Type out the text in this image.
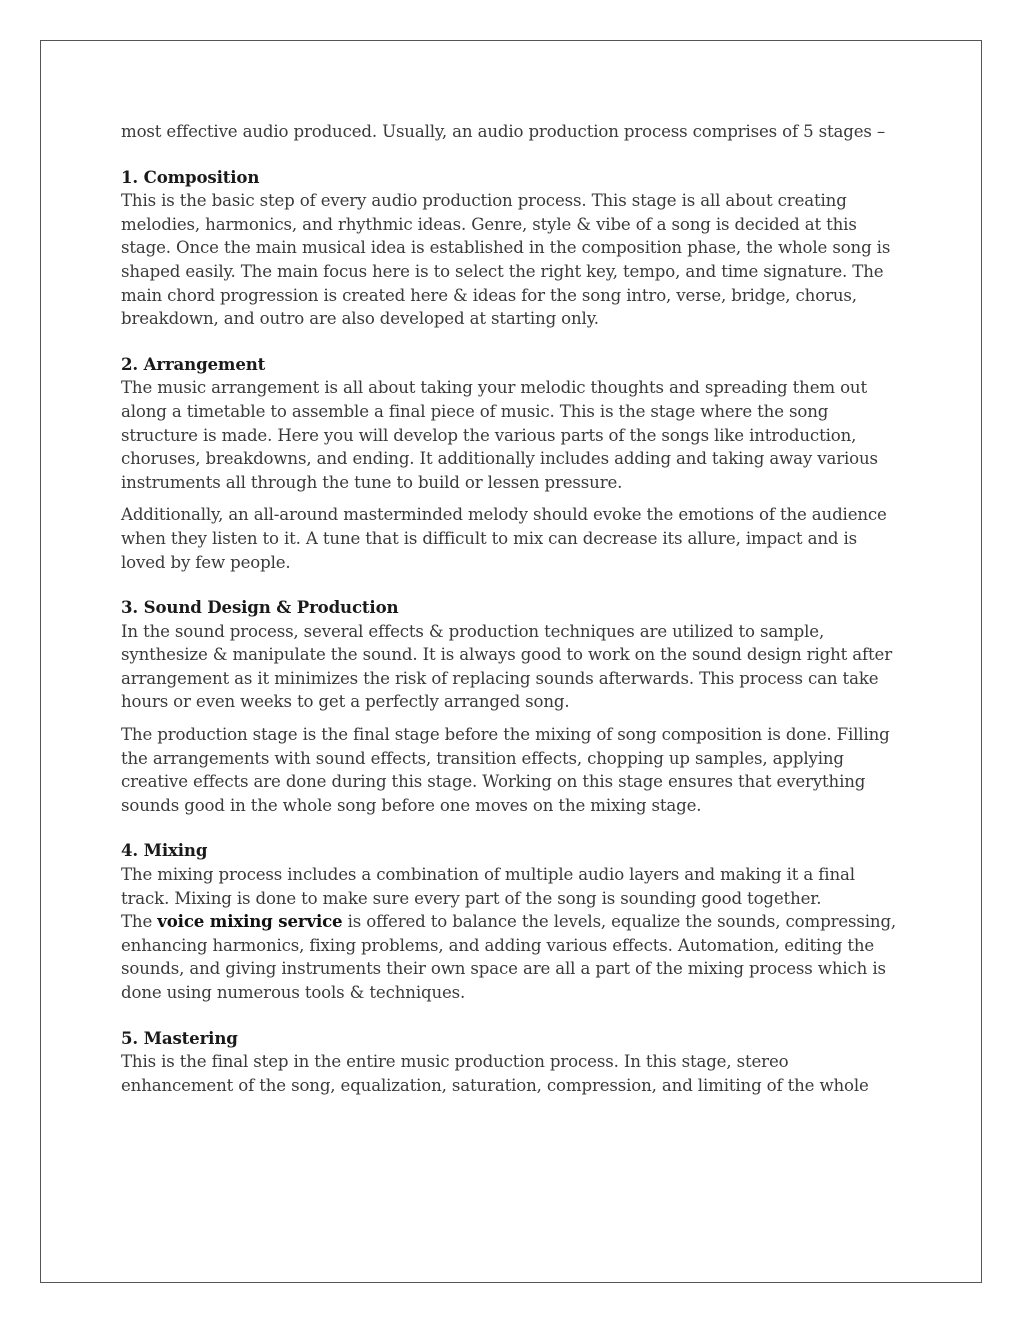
most effective audio produced. Usually, an audio production process comprises of 5 stages –

1. Composition

This is the basic step of every audio production process. This stage is all about creating melodies, harmonics, and rhythmic ideas. Genre, style & vibe of a song is decided at this stage. Once the main musical idea is established in the composition phase, the whole song is shaped easily. The main focus here is to select the right key, tempo, and time signature. The main chord progression is created here & ideas for the song intro, verse, bridge, chorus, breakdown, and outro are also developed at starting only.

2. Arrangement

The music arrangement is all about taking your melodic thoughts and spreading them out along a timetable to assemble a final piece of music. This is the stage where the song structure is made. Here you will develop the various parts of the songs like introduction, choruses, breakdowns, and ending. It additionally includes adding and taking away various instruments all through the tune to build or lessen pressure.

Additionally, an all-around masterminded melody should evoke the emotions of the audience when they listen to it. A tune that is difficult to mix can decrease its allure, impact and is loved by few people.

3. Sound Design & Production

In the sound process, several effects & production techniques are utilized to sample, synthesize & manipulate the sound. It is always good to work on the sound design right after arrangement as it minimizes the risk of replacing sounds afterwards. This process can take hours or even weeks to get a perfectly arranged song.

The production stage is the final stage before the mixing of song composition is done. Filling the arrangements with sound effects, transition effects, chopping up samples, applying creative effects are done during this stage. Working on this stage ensures that everything sounds good in the whole song before one moves on the mixing stage.

4. Mixing

The mixing process includes a combination of multiple audio layers and making it a final track. Mixing is done to make sure every part of the song is sounding good together.
The voice mixing service is offered to balance the levels, equalize the sounds, compressing, enhancing harmonics, fixing problems, and adding various effects. Automation, editing the sounds, and giving instruments their own space are all a part of the mixing process which is done using numerous tools & techniques.

5. Mastering

This is the final step in the entire music production process. In this stage, stereo enhancement of the song, equalization, saturation, compression, and limiting of the whole
